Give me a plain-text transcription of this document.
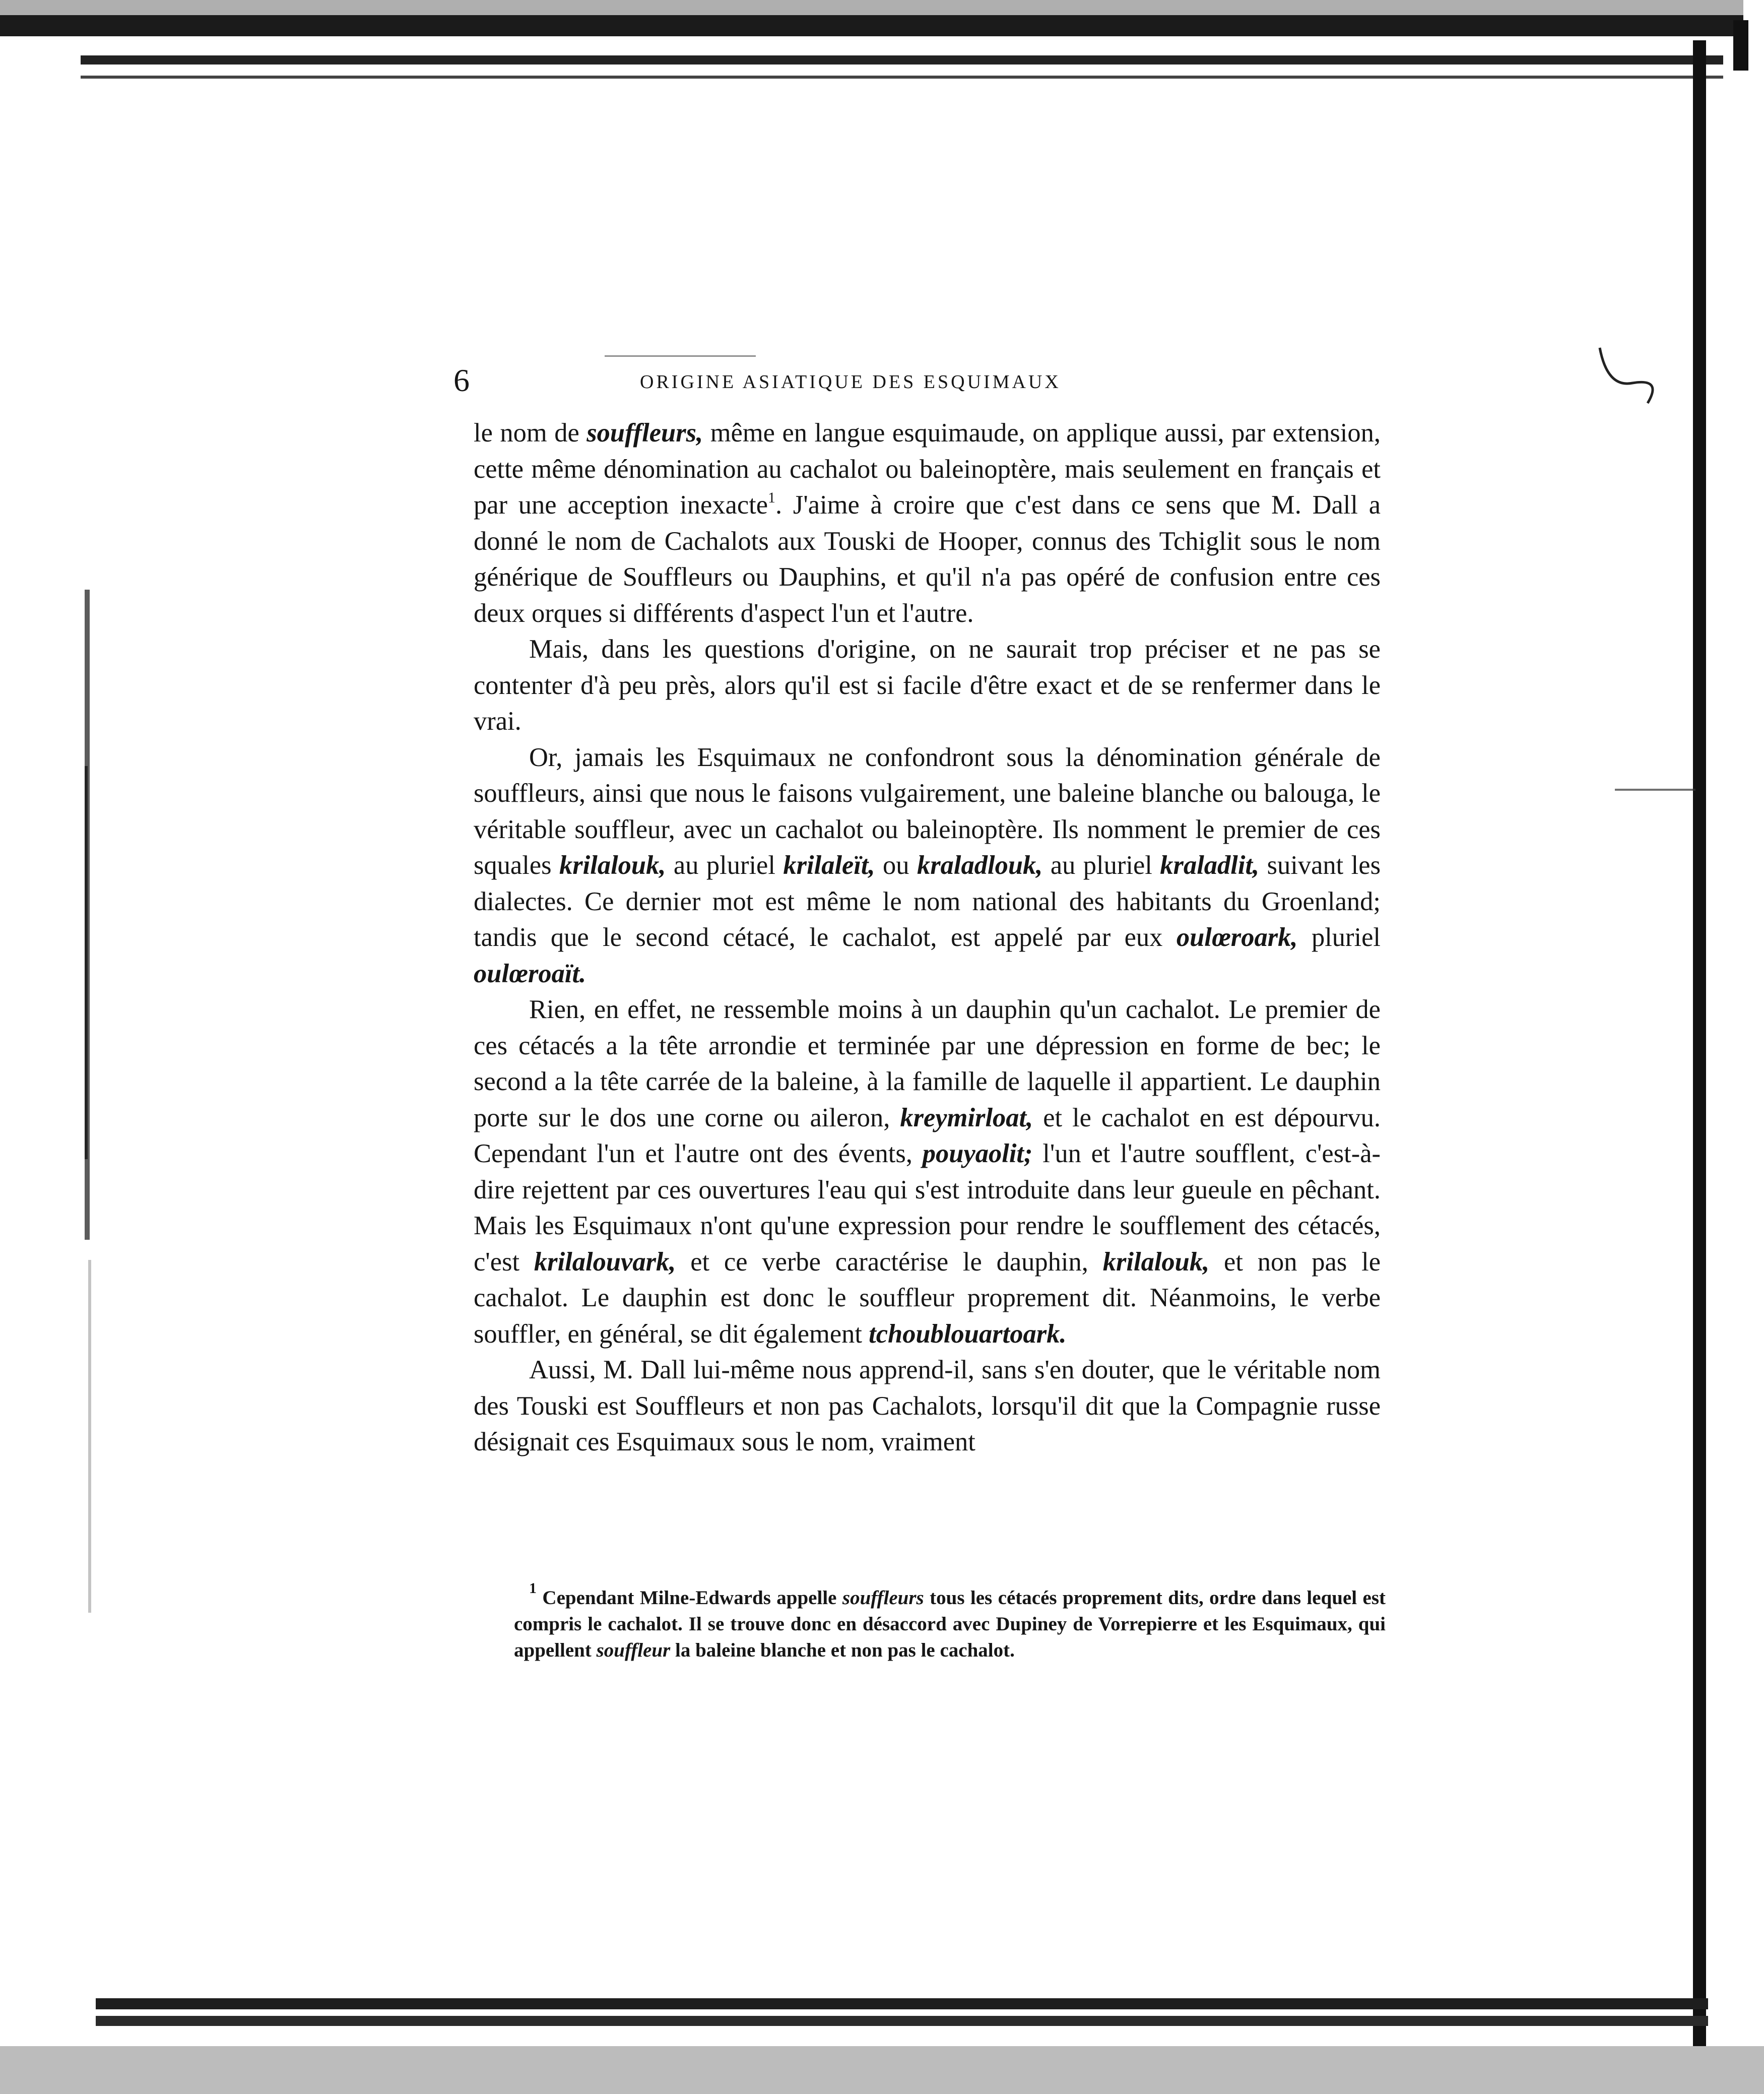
6	ORIGINE ASIATIQUE DES ESQUIMAUX

le nom de souffleurs, même en langue esquimaude, on applique aussi, par extension, cette même dénomination au cachalot ou baleinoptère, mais seulement en français et par une acception inexacte$^1$. J'aime à croire que c'est dans ce sens que M. Dall a donné le nom de Cachalots aux Touski de Hooper, connus des Tchiglit sous le nom générique de Souffleurs ou Dauphins, et qu'il n'a pas opéré de confusion entre ces deux orques si différents d'aspect l'un et l'autre.

Mais, dans les questions d'origine, on ne saurait trop préciser et ne pas se contenter d'à peu près, alors qu'il est si facile d'être exact et de se renfermer dans le vrai.

Or, jamais les Esquimaux ne confondront sous la dénomination générale de souffleurs, ainsi que nous le faisons vulgairement, une baleine blanche ou balouga, le véritable souffleur, avec un cachalot ou baleinoptère. Ils nomment le premier de ces squales krilalouk, au pluriel krilaleït, ou kraladlouk, au pluriel kraladlit, suivant les dialectes. Ce dernier mot est même le nom national des habitants du Groenland; tandis que le second cétacé, le cachalot, est appelé par eux oulœroark, pluriel oulœroaït.

Rien, en effet, ne ressemble moins à un dauphin qu'un cachalot. Le premier de ces cétacés a la tête arrondie et terminée par une dépression en forme de bec; le second a la tête carrée de la baleine, à la famille de laquelle il appartient. Le dauphin porte sur le dos une corne ou aileron, kreymirloat, et le cachalot en est dépourvu. Cependant l'un et l'autre ont des évents, pouyaolit; l'un et l'autre soufflent, c'est-à-dire rejettent par ces ouvertures l'eau qui s'est introduite dans leur gueule en pêchant. Mais les Esquimaux n'ont qu'une expression pour rendre le soufflement des cétacés, c'est krilalouvark, et ce verbe caractérise le dauphin, krilalouk, et non pas le cachalot. Le dauphin est donc le souffleur proprement dit. Néanmoins, le verbe souffler, en général, se dit également tchoublouartoark.

Aussi, M. Dall lui-même nous apprend-il, sans s'en douter, que le véritable nom des Touski est Souffleurs et non pas Cachalots, lorsqu'il dit que la Compagnie russe désignait ces Esquimaux sous le nom, vraiment

$^1$ Cependant Milne-Edwards appelle souffleurs tous les cétacés proprement dits, ordre dans lequel est compris le cachalot. Il se trouve donc en désaccord avec Dupiney de Vorrepierre et les Esquimaux, qui appellent souffleur la baleine blanche et non pas le cachalot.
